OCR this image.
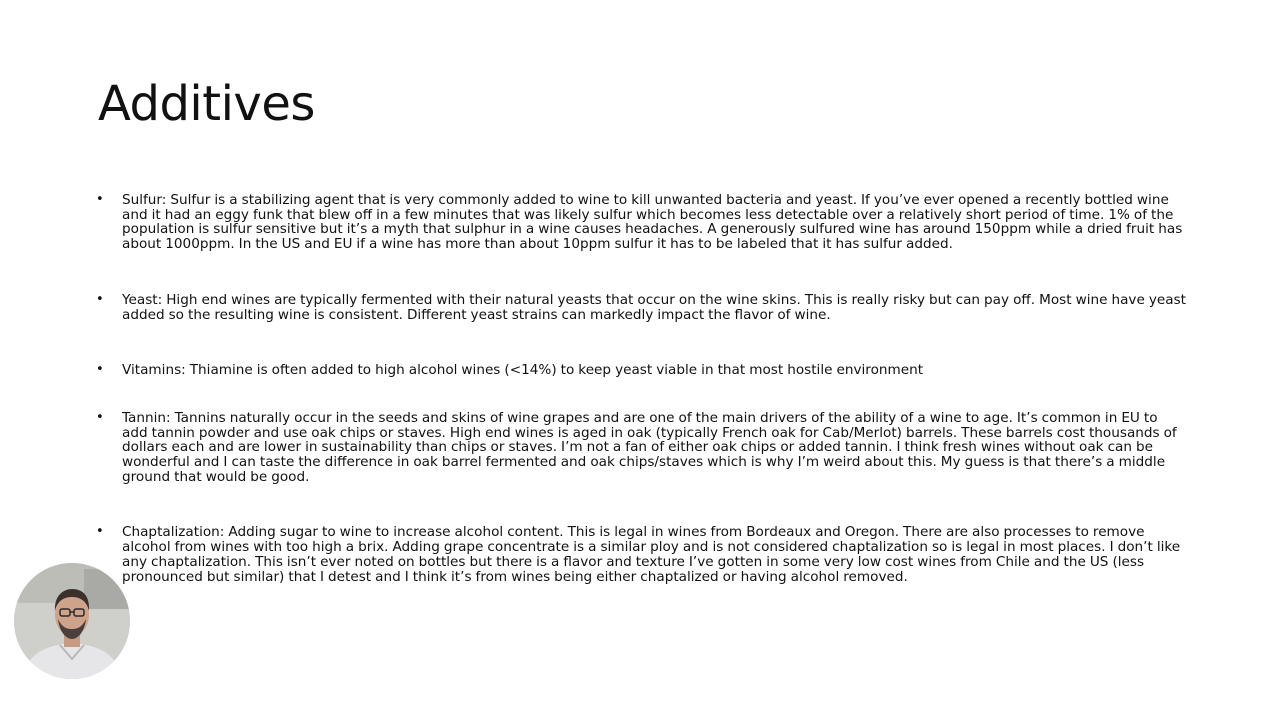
Additives
• Sulfur: Sulfur is a stabilizing agent that is very commonly added to wine to kill unwanted bacteria and yeast. If you’ve ever opened a recently bottled wine and it had an eggy funk that blew off in a few minutes that was likely sulfur which becomes less detectable over a relatively short period of time. 1% of the population is sulfur sensitive but it’s a myth that sulphur in a wine causes headaches. A generously sulfured wine has around 150ppm while a dried fruit has about 1000ppm. In the US and EU if a wine has more than about 10ppm sulfur it has to be labeled that it has sulfur added.
• Yeast: High end wines are typically fermented with their natural yeasts that occur on the wine skins. This is really risky but can pay off. Most wine have yeast added so the resulting wine is consistent. Different yeast strains can markedly impact the flavor of wine.
• Vitamins: Thiamine is often added to high alcohol wines (<14%) to keep yeast viable in that most hostile environment
• Tannin: Tannins naturally occur in the seeds and skins of wine grapes and are one of the main drivers of the ability of a wine to age. It’s common in EU to add tannin powder and use oak chips or staves. High end wines is aged in oak (typically French oak for Cab/Merlot) barrels. These barrels cost thousands of dollars each and are lower in sustainability than chips or staves. I’m not a fan of either oak chips or added tannin. I think fresh wines without oak can be wonderful and I can taste the difference in oak barrel fermented and oak chips/staves which is why I’m weird about this. My guess is that there’s a middle ground that would be good.
• Chaptalization: Adding sugar to wine to increase alcohol content. This is legal in wines from Bordeaux and Oregon. There are also processes to remove alcohol from wines with too high a brix. Adding grape concentrate is a similar ploy and is not considered chaptalization so is legal in most places. I don’t like any chaptalization. This isn’t ever noted on bottles but there is a flavor and texture I’ve gotten in some very low cost wines from Chile and the US (less pronounced but similar) that I detest and I think it’s from wines being either chaptalized or having alcohol removed.
